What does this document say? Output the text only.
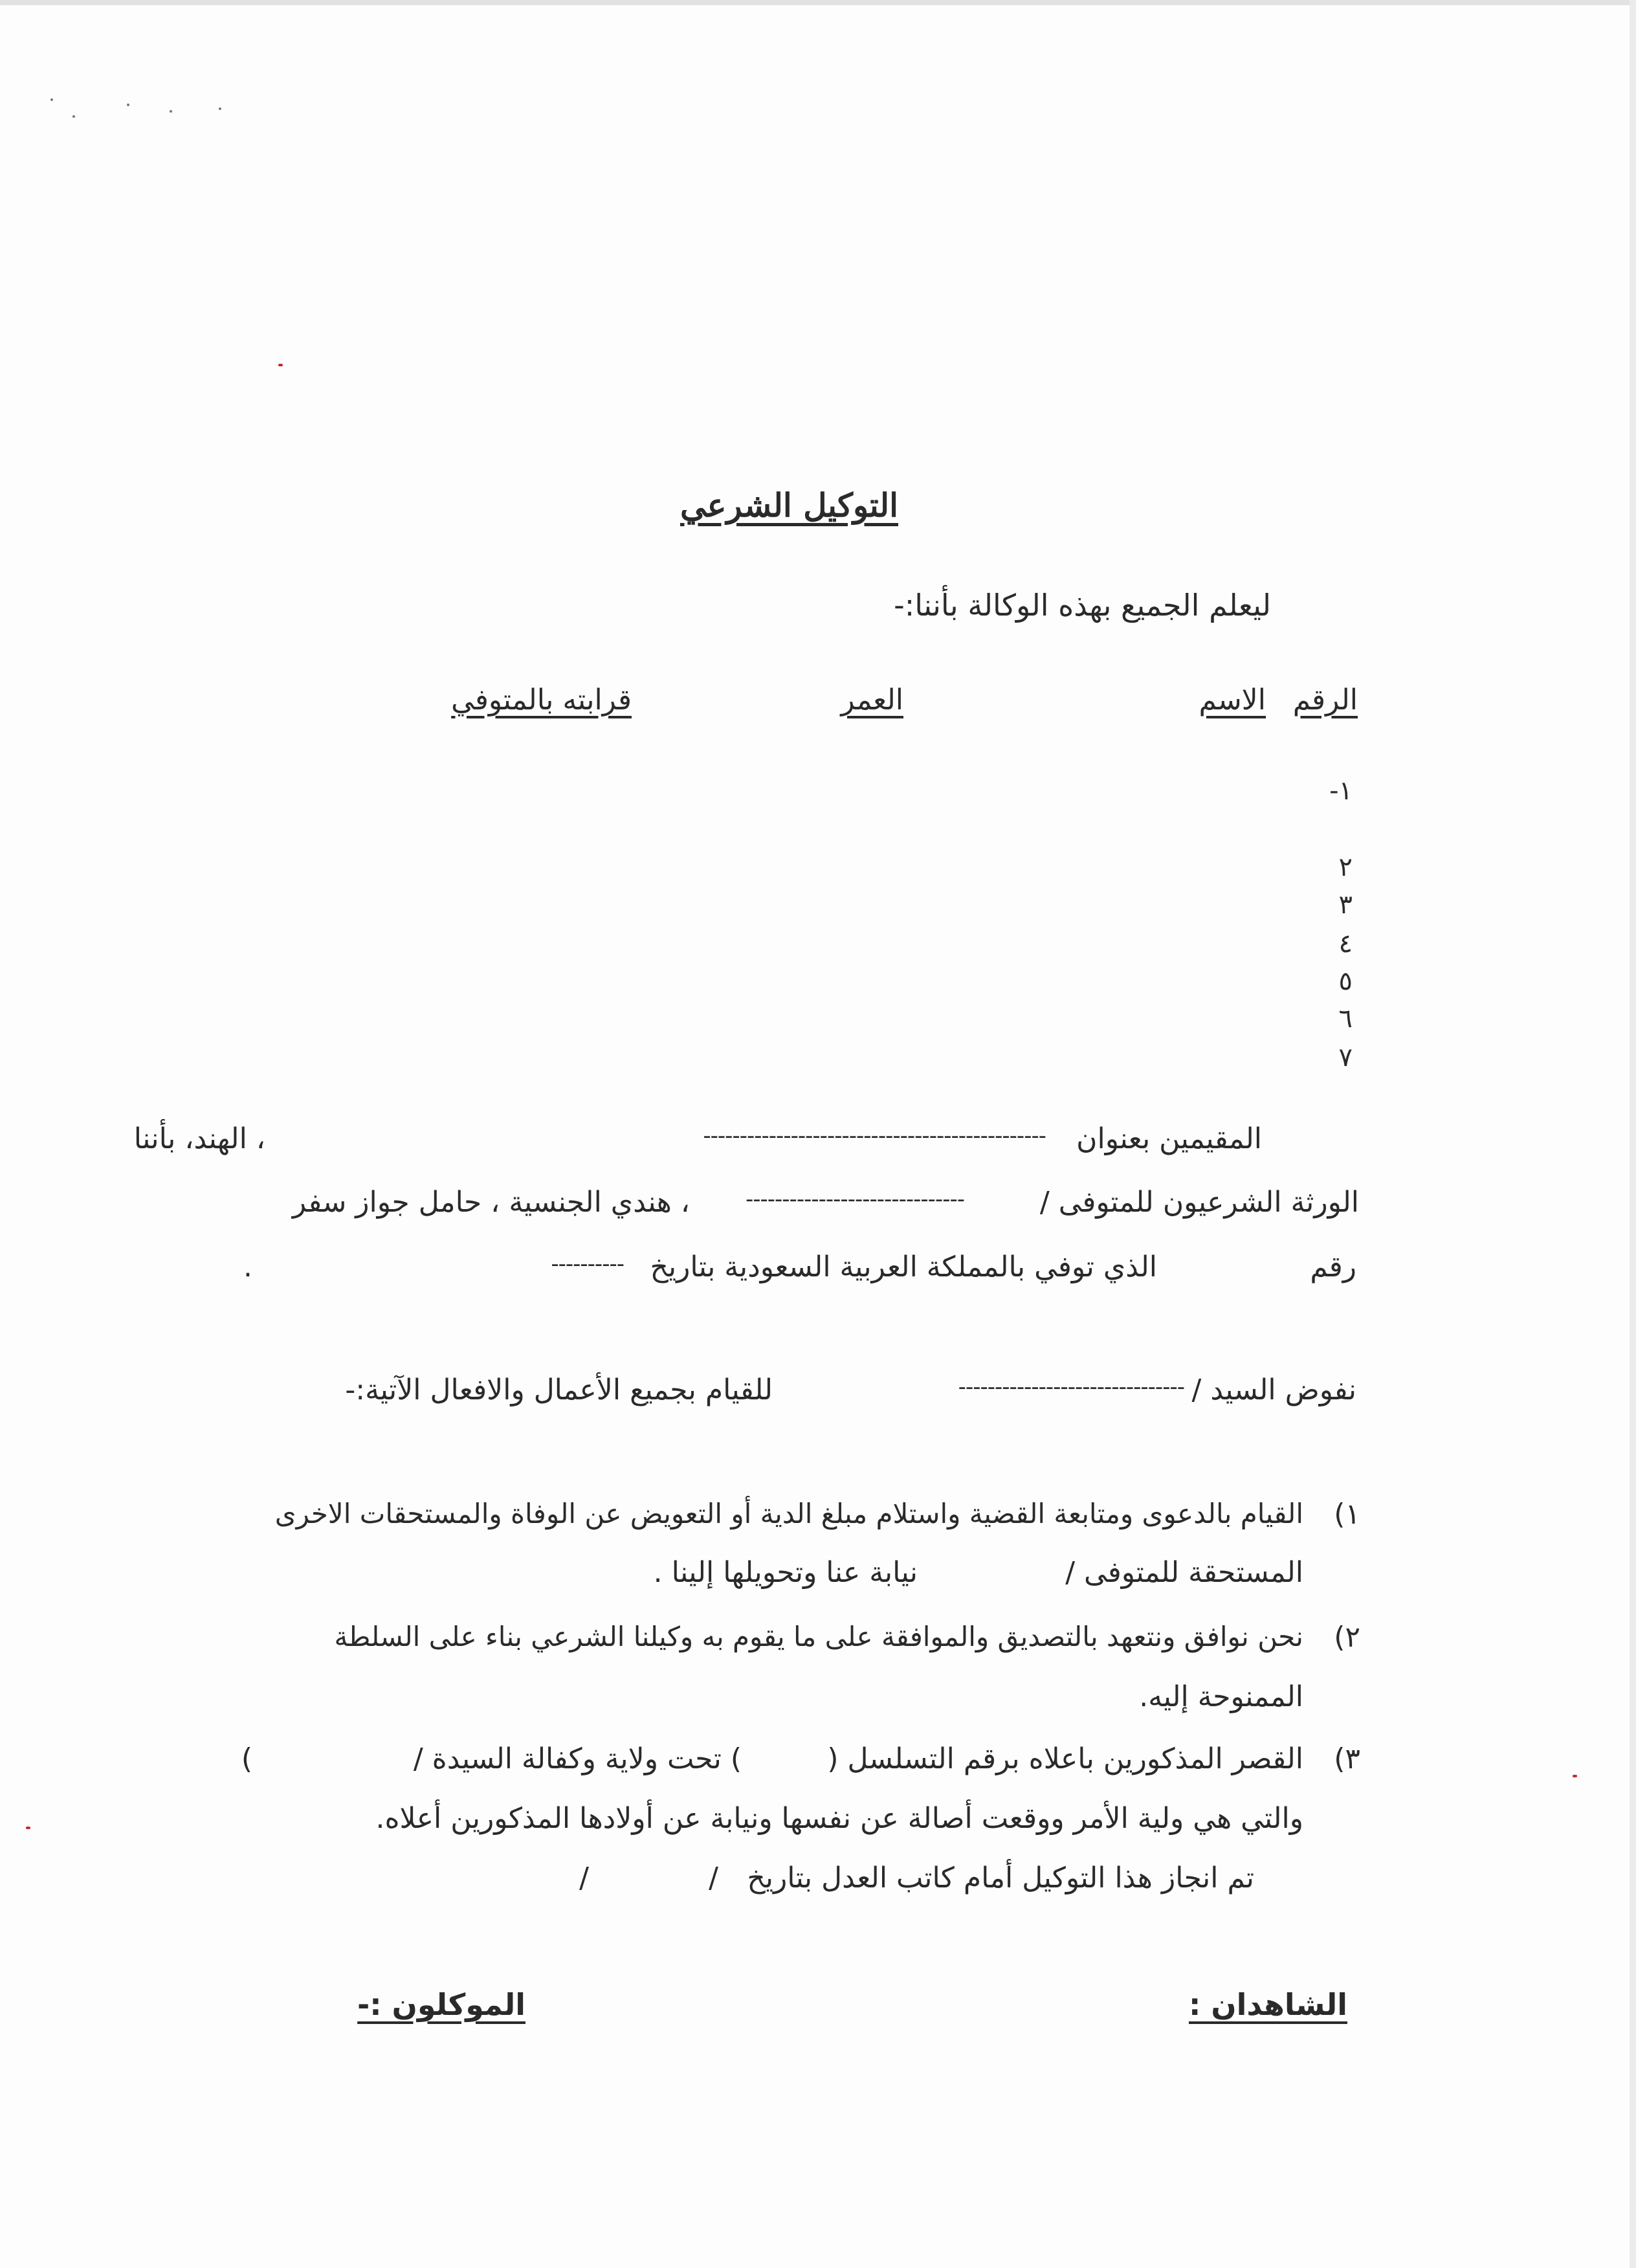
التوكيل الشرعي
ليعلم الجميع بهذه الوكالة بأننا:-
الرقم
الاسم
العمر
قرابته بالمتوفي
١-
٢
٣
٤
٥
٦
٧
المقيمين بعنوان
-----------------------------------------------
، الهند، بأننا
الورثة الشرعيون للمتوفى /
------------------------------
، هندي الجنسية ، حامل جواز سفر
رقم
الذي توفي بالمملكة العربية السعودية بتاريخ
----------
.
نفوض السيد /
-------------------------------
للقيام بجميع الأعمال والافعال الآتية:-
١)
القيام بالدعوى ومتابعة القضية واستلام مبلغ الدية أو التعويض عن الوفاة والمستحقات الاخرى
المستحقة للمتوفى /
نيابة عنا وتحويلها إلينا .
٢)
نحن نوافق ونتعهد بالتصديق والموافقة على ما يقوم به وكيلنا الشرعي بناء على السلطة
الممنوحة إليه.
٣)
القصر المذكورين باعلاه برقم التسلسل (
) تحت ولاية وكفالة السيدة /
)
والتي هي ولية الأمر ووقعت أصالة عن نفسها ونيابة عن أولادها المذكورين أعلاه.
تم انجاز هذا التوكيل أمام كاتب العدل بتاريخ
/
/
الشاهدان :
الموكلون :-
